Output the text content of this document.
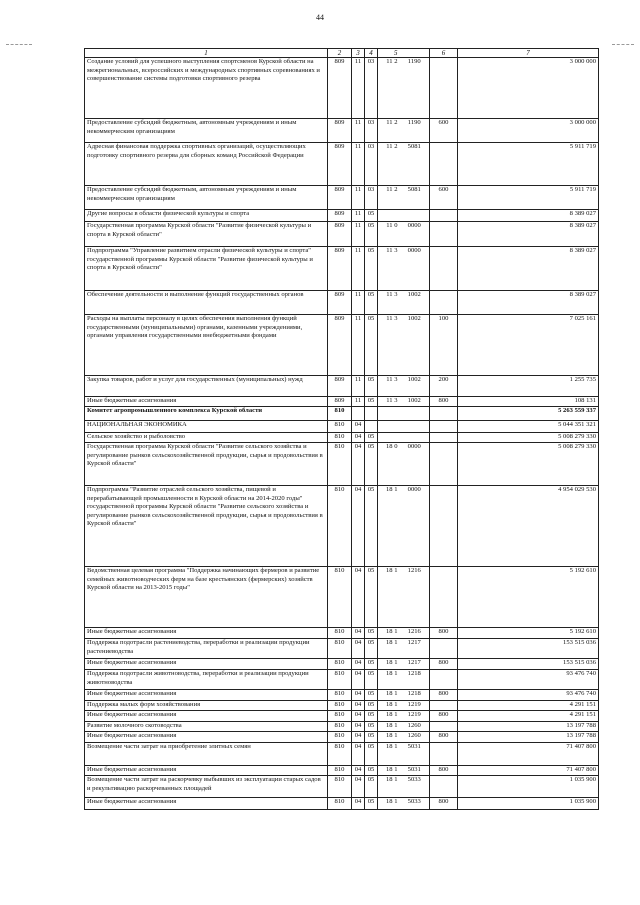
44
1	2	3	4	5		6	7
Создание условий для успешного выступления спортсменов Курской области на межрегиональных, всероссийских и международных спортивных соревнованиях и совершенствование системы подготовки спортивного резерва	809	11	03	11 2	1190		3 000 000
Предоставление субсидий бюджетным, автономным учреждениям и иным некоммерческим организациям	809	11	03	11 2	1190	600	3 000 000
Адресная финансовая поддержка спортивных организаций, осуществляющих подготовку спортивного резерва для сборных команд Российской Федерации	809	11	03	11 2	5081		5 911 719
Предоставление субсидий бюджетным, автономным учреждениям и иным некоммерческим организациям	809	11	03	11 2	5081	600	5 911 719
Другие вопросы в области физической культуры и спорта	809	11	05				8 389 027
Государственная программа Курской области "Развитие физической культуры и спорта в Курской области"	809	11	05	11 0	0000		8 389 027
Подпрограмма "Управление развитием отрасли физической культуры и спорта" государственной программы Курской области "Развитие физической культуры и спорта в Курской области"	809	11	05	11 3	0000		8 389 027
Обеспечение деятельности и выполнение функций государственных органов	809	11	05	11 3	1002		8 389 027
Расходы на выплаты персоналу в целях обеспечения выполнения функций государственными (муниципальными) органами, казенными учреждениями, органами управления государственными внебюджетными фондами	809	11	05	11 3	1002	100	7 025 161
Закупка товаров, работ и услуг для государственных (муниципальных) нужд	809	11	05	11 3	1002	200	1 255 735
Иные бюджетные ассигнования	809	11	05	11 3	1002	800	108 131
Комитет агропромышленного комплекса Курской области	810						5 263 559 337
НАЦИОНАЛЬНАЯ ЭКОНОМИКА	810	04					5 044 351 321
Сельское хозяйство и рыболовство	810	04	05				5 008 279 330
Государственная программа Курской области "Развитие сельского хозяйства и регулирование рынков сельскохозяйственной продукции, сырья и продовольствия в Курской области"	810	04	05	18 0	0000		5 008 279 330
Подпрограмма "Развитие отраслей сельского хозяйства, пищевой и перерабатывающей промышленности в Курской области на 2014-2020 годы" государственной программы Курской области "Развитие сельского хозяйства и регулирование рынков сельскохозяйственной продукции, сырья и продовольствия в Курской области"	810	04	05	18 1	0000		4 954 029 530
Ведомственная целевая программа "Поддержка начинающих фермеров и развитие семейных животноводческих ферм на базе крестьянских (фермерских) хозяйств Курской области на 2013-2015 годы"	810	04	05	18 1	1216		5 192 610
Иные бюджетные ассигнования	810	04	05	18 1	1216	800	5 192 610
Поддержка подотрасли растениеводства, переработки и реализации продукции растениеводства	810	04	05	18 1	1217		153 515 036
Иные бюджетные ассигнования	810	04	05	18 1	1217	800	153 515 036
Поддержка подотрасли животноводства, переработки и реализации продукции животноводства	810	04	05	18 1	1218		93 476 740
Иные бюджетные ассигнования	810	04	05	18 1	1218	800	93 476 740
Поддержка малых форм хозяйствования	810	04	05	18 1	1219		4 291 151
Иные бюджетные ассигнования	810	04	05	18 1	1219	800	4 291 151
Развитие молочного скотоводства	810	04	05	18 1	1260		13 197 788
Иные бюджетные ассигнования	810	04	05	18 1	1260	800	13 197 788
Возмещение части затрат на приобретение элитных семян	810	04	05	18 1	5031		71 407 800
Иные бюджетные ассигнования	810	04	05	18 1	5031	800	71 407 800
Возмещение части затрат на раскорчевку выбывших из эксплуатации старых садов и рекультивацию раскорчеванных площадей	810	04	05	18 1	5033		1 035 900
Иные бюджетные ассигнования	810	04	05	18 1	5033	800	1 035 900
